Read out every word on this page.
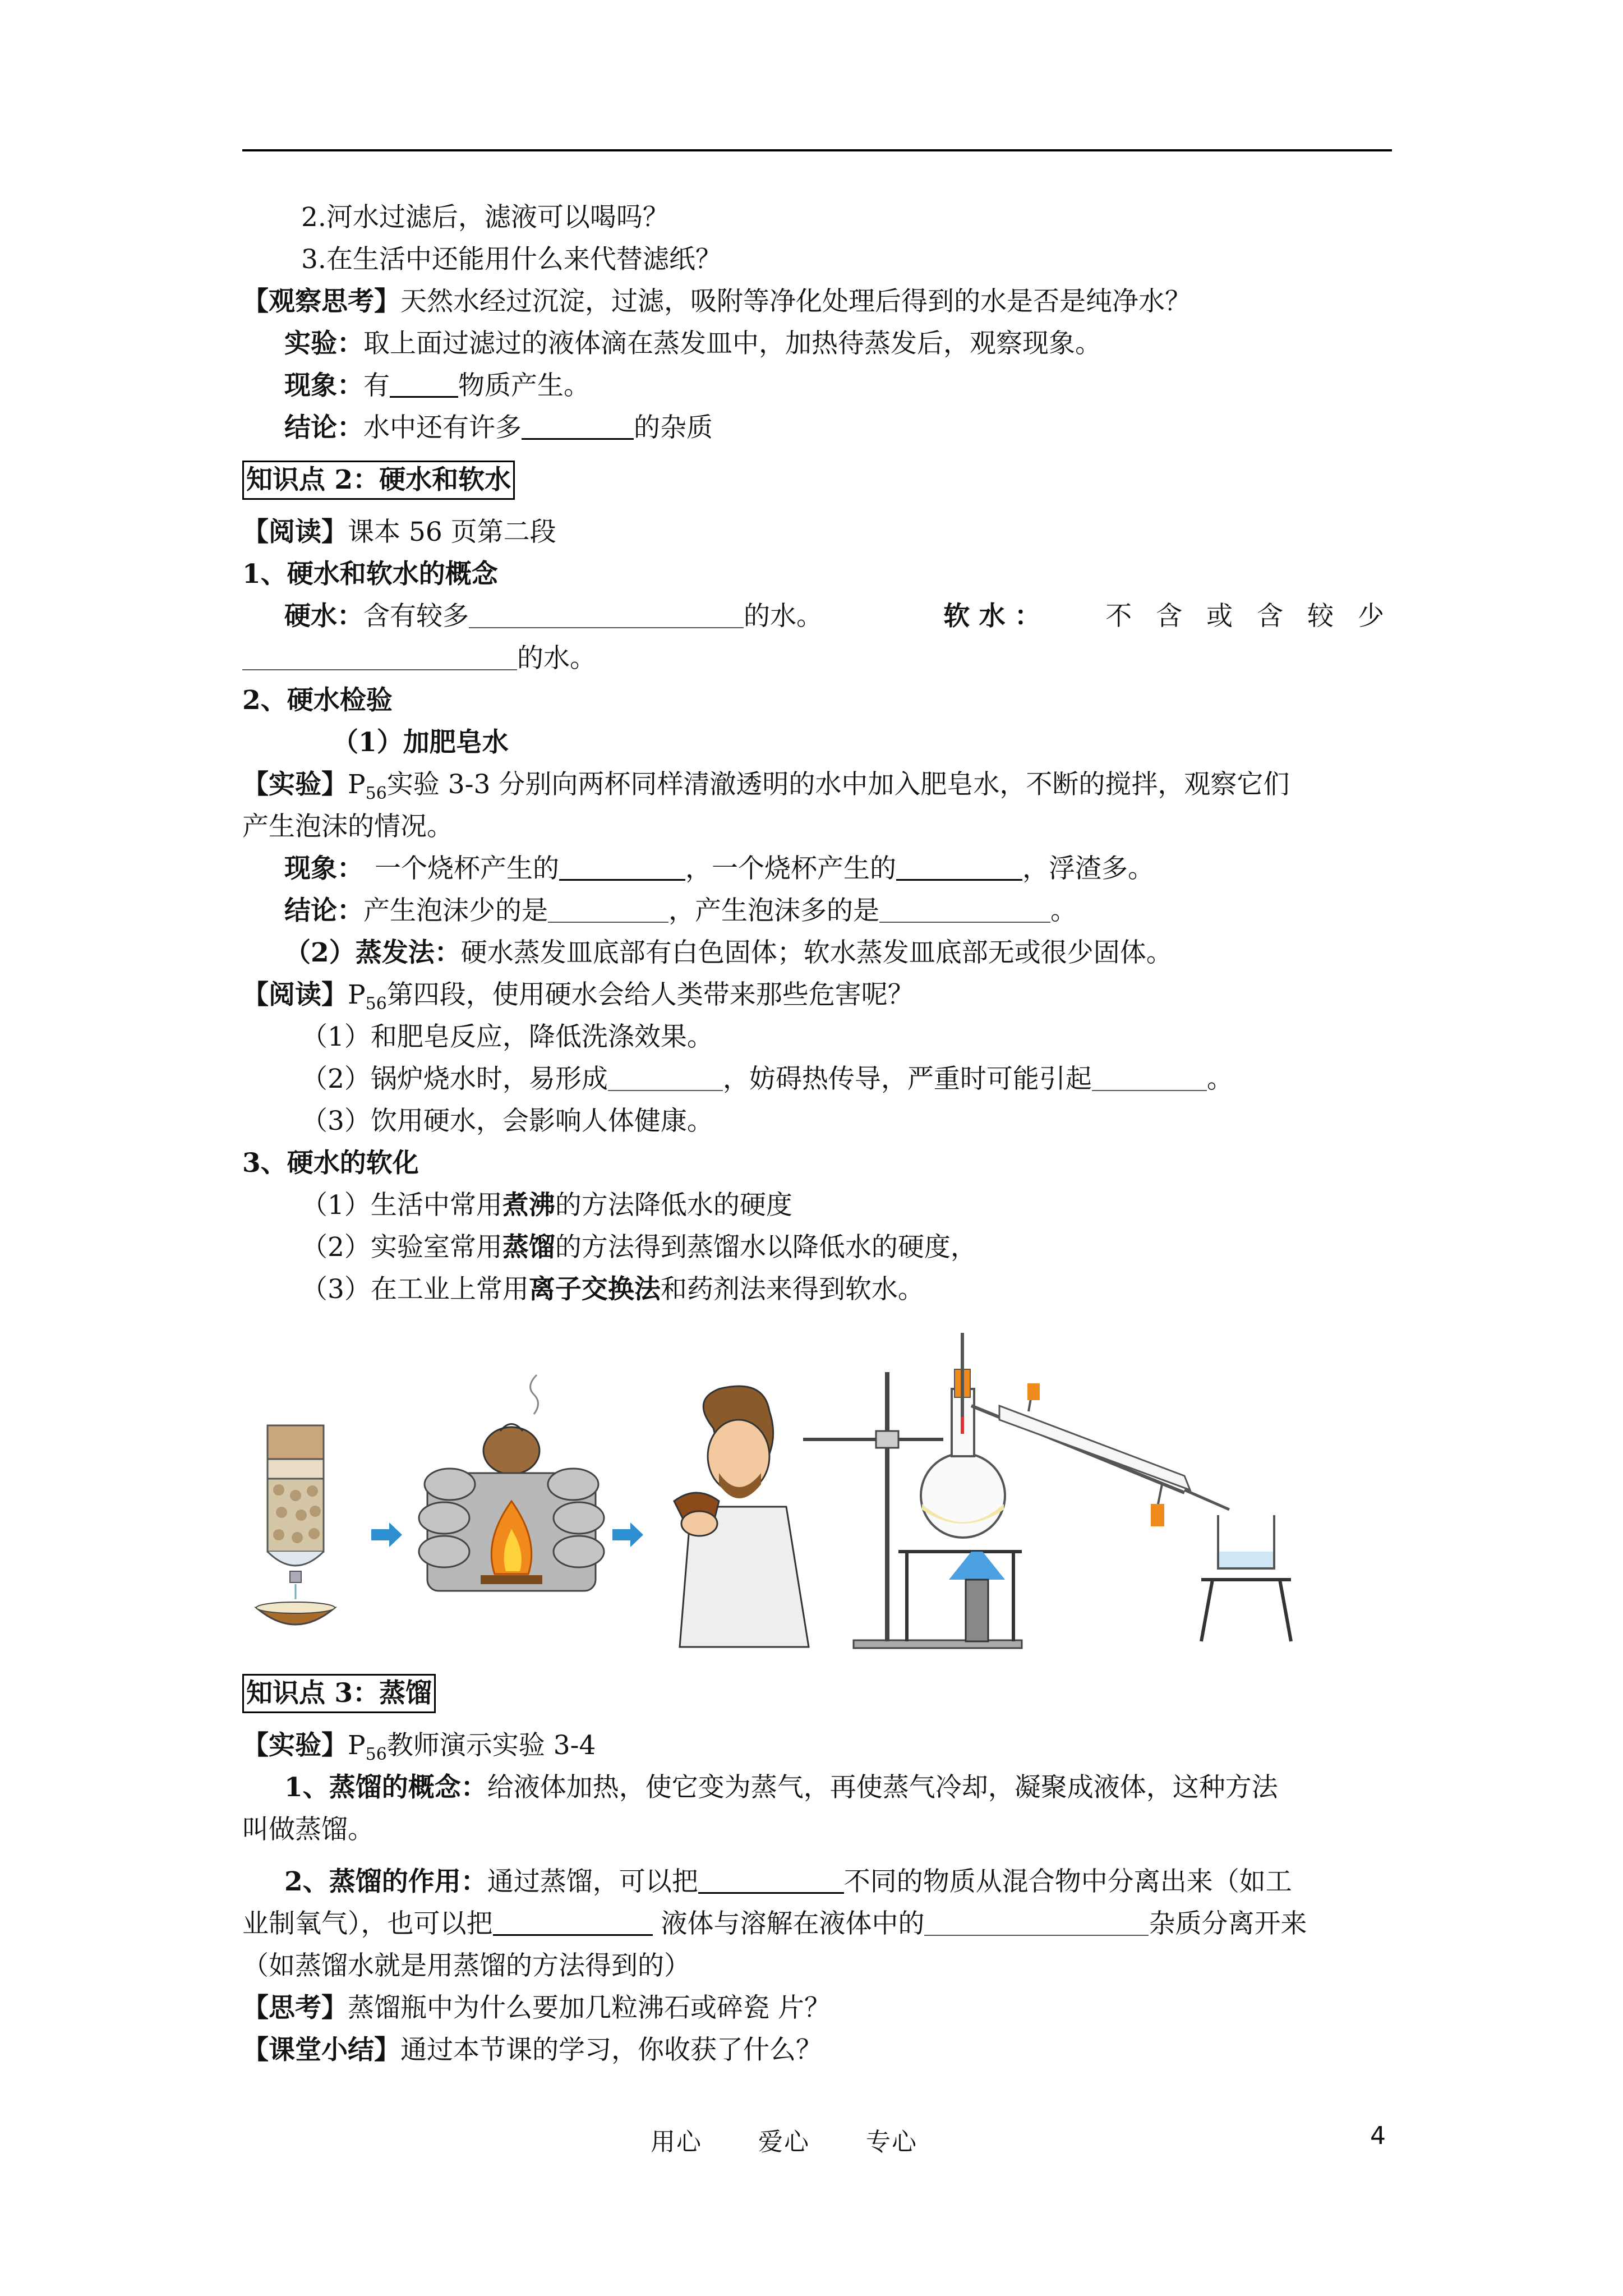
2.河水过滤后，滤液可以喝吗？
3.在生活中还能用什么来代替滤纸？
【观察思考】天然水经过沉淀，过滤，吸附等净化处理后得到的水是否是纯净水？
实验：取上面过滤过的液体滴在蒸发皿中，加热待蒸发后，观察现象。
现象：有	物质产生。
结论：水中还有许多	的杂质
知识点 2：硬水和软水
【阅读】课本 56 页第二段
1、硬水和软水的概念
硬水：含有较多	的水。	软 水 ： 不 含 或 含 较 少
的水。
2、硬水检验
（1）加肥皂水
【实验】$P_{56}$实验 3-3 分别向两杯同样清澈透明的水中加入肥皂水，不断的搅拌，观察它们
产生泡沫的情况。
现象： 一个烧杯产生的	，一个烧杯产生的	，浮渣多。
结论：产生泡沫少的是	，产生泡沫多的是	。
（2）蒸发法：硬水蒸发皿底部有白色固体；软水蒸发皿底部无或很少固体。
【阅读】$P_{56}$第四段，使用硬水会给人类带来那些危害呢？
（1）和肥皂反应，降低洗涤效果。
（2）锅炉烧水时，易形成	，妨碍热传导，严重时可能引起	。
（3）饮用硬水，会影响人体健康。
3、硬水的软化
（1）生活中常用煮沸的方法降低水的硬度
（2）实验室常用蒸馏的方法得到蒸馏水以降低水的硬度，
（3）在工业上常用离子交换法和药剂法来得到软水。
知识点 3：蒸馏
【实验】$P_{56}$教师演示实验 3-4
1、蒸馏的概念：给液体加热，使它变为蒸气，再使蒸气冷却，凝聚成液体，这种方法
叫做蒸馏。
2、蒸馏的作用：通过蒸馏，可以把	不同的物质从混合物中分离出来（如工
业制氧气），也可以把	液体与溶解在液体中的	杂质分离开来
（如蒸馏水就是用蒸馏的方法得到的）
【思考】蒸馏瓶中为什么要加几粒沸石或碎瓷 片？
【课堂小结】通过本节课的学习，你收获了什么？
用心 爱心 专心	4
